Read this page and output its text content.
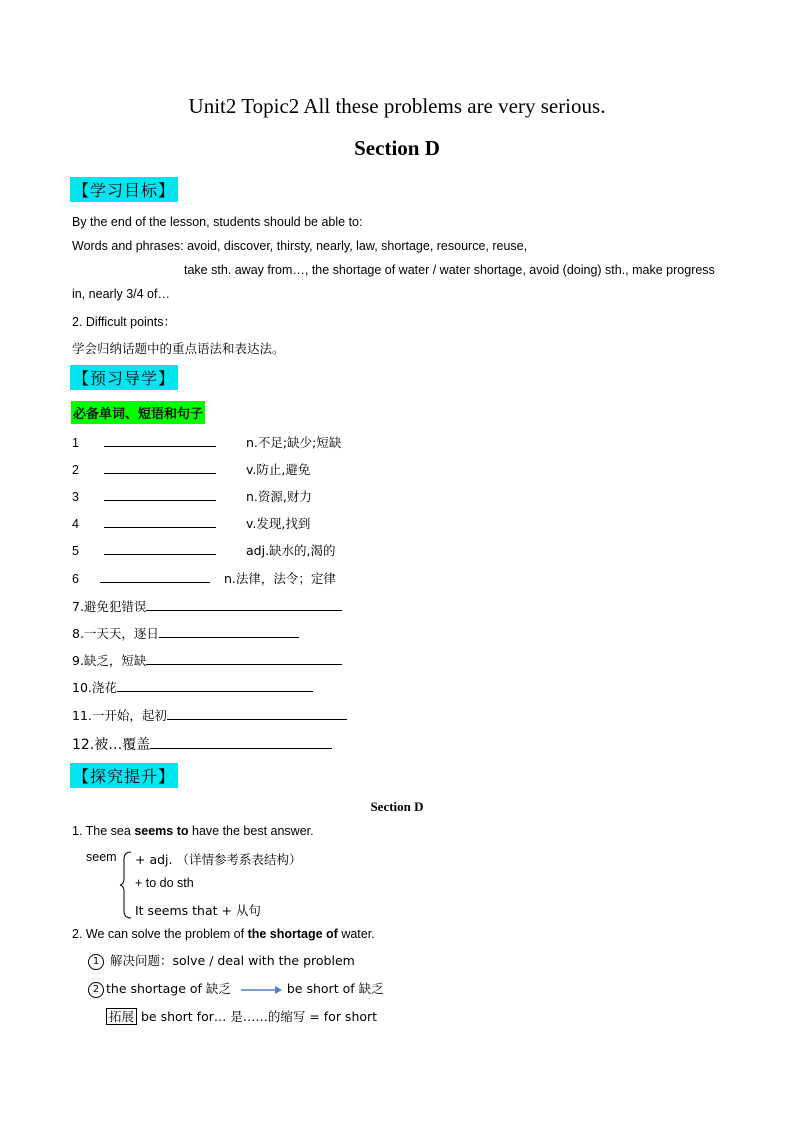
Unit2 Topic2 All these problems are very serious.
Section D
【学习目标】
By the end of the lesson, students should be able to:
Words and phrases: avoid, discover, thirsty, nearly, law, shortage, resource, reuse,
take sth. away from…, the shortage of water / water shortage, avoid (doing) sth., make progress
in, nearly 3/4 of…
2. Difficult points：
学会归纳话题中的重点语法和表达法。
【预习导学】
必备单词、短语和句子
1	n.不足;缺少;短缺
2	v.防止,避免
3	n.资源,财力
4	v.发现,找到
5	adj.缺水的,渴的
6	n.法律，法令；定律
7.避免犯错误
8.一天天，逐日
9.缺乏，短缺
10.浇花
11.一开始，起初
12.被…覆盖
【探究提升】
Section D
1. The sea seems to have the best answer.
seem + adj. （详情参考系表结构）
+ to do sth
It seems that + 从句
2. We can solve the problem of the shortage of water.
1 解决问题：solve / deal with the problem
2 the shortage of 缺乏	be short of 缺乏
拓展 be short for… 是……的缩写 = for short
